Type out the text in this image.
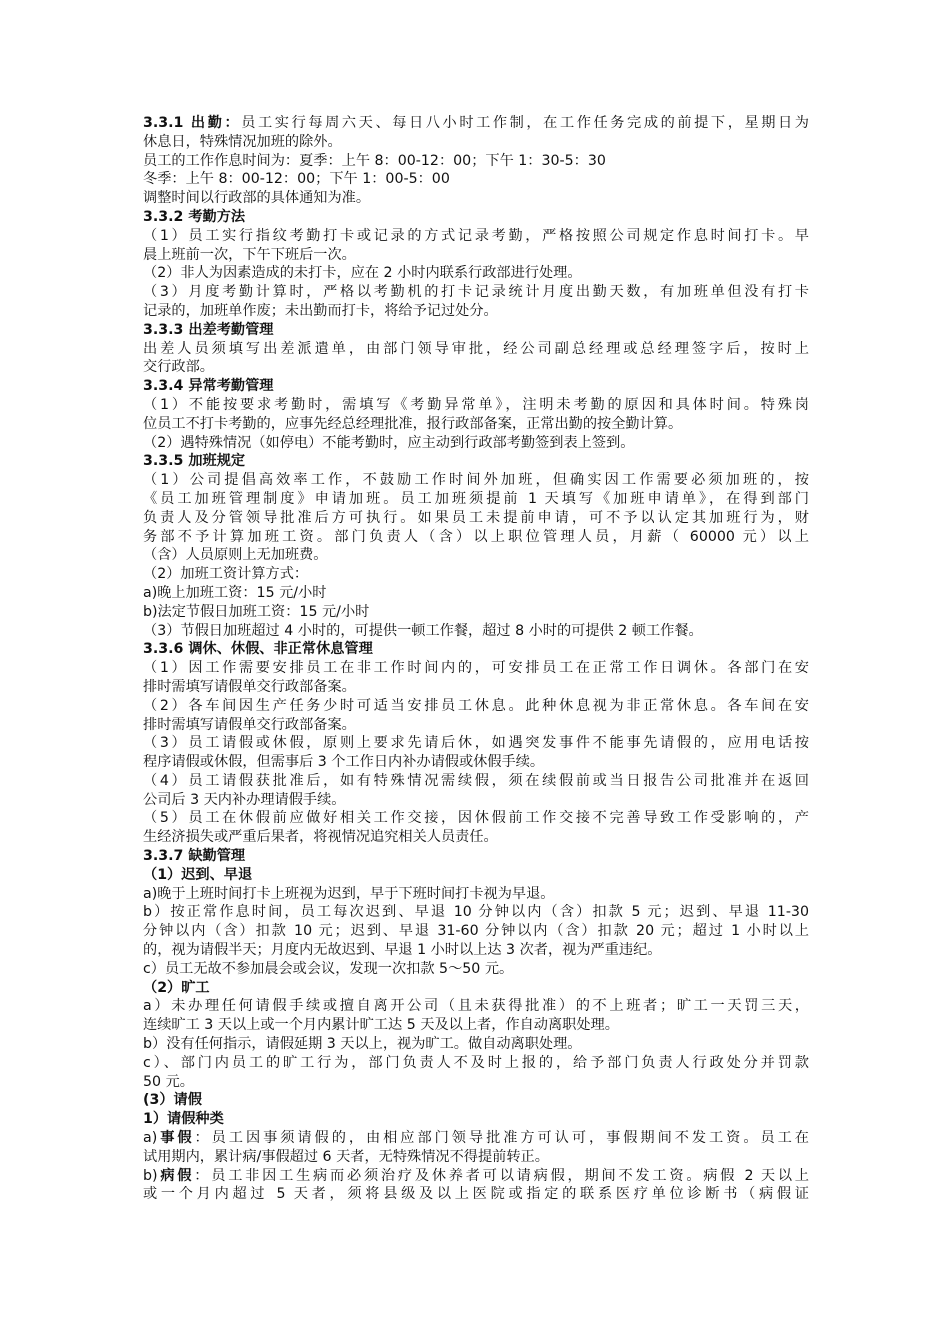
3.3.1 出勤：员工实行每周六天、每日八小时工作制，在工作任务完成的前提下，星期日为
休息日，特殊情况加班的除外。
员工的工作作息时间为：夏季：上午 8：00-12：00；下午 1：30-5：30
冬季：上午 8：00-12：00；下午 1：00-5：00
调整时间以行政部的具体通知为准。
3.3.2 考勤方法
（1）员工实行指纹考勤打卡或记录的方式记录考勤，严格按照公司规定作息时间打卡。早
晨上班前一次，下午下班后一次。
（2）非人为因素造成的未打卡，应在 2 小时内联系行政部进行处理。
（3）月度考勤计算时，严格以考勤机的打卡记录统计月度出勤天数，有加班单但没有打卡
记录的，加班单作废；未出勤而打卡，将给予记过处分。
3.3.3 出差考勤管理
出差人员须填写出差派遣单，由部门领导审批，经公司副总经理或总经理签字后，按时上
交行政部。
3.3.4 异常考勤管理
（1）不能按要求考勤时，需填写《考勤异常单》，注明未考勤的原因和具体时间。特殊岗
位员工不打卡考勤的，应事先经总经理批准，报行政部备案，正常出勤的按全勤计算。
（2）遇特殊情况（如停电）不能考勤时，应主动到行政部考勤签到表上签到。
3.3.5 加班规定
（1）公司提倡高效率工作，不鼓励工作时间外加班，但确实因工作需要必须加班的，按
《员工加班管理制度》申请加班。员工加班须提前 1 天填写《加班申请单》，在得到部门
负责人及分管领导批准后方可执行。如果员工未提前申请，可不予以认定其加班行为，财
务部不予计算加班工资。部门负责人（含）以上职位管理人员，月薪（ 60000 元）以上
（含）人员原则上无加班费。
（2）加班工资计算方式：
a)晚上加班工资：15 元/小时
b)法定节假日加班工资：15 元/小时
（3）节假日加班超过 4 小时的，可提供一顿工作餐，超过 8 小时的可提供 2 顿工作餐。
3.3.6 调休、休假、非正常休息管理
（1）因工作需要安排员工在非工作时间内的，可安排员工在正常工作日调休。各部门在安
排时需填写请假单交行政部备案。
（2）各车间因生产任务少时可适当安排员工休息。此种休息视为非正常休息。各车间在安
排时需填写请假单交行政部备案。
（3）员工请假或休假，原则上要求先请后休，如遇突发事件不能事先请假的，应用电话按
程序请假或休假，但需事后 3 个工作日内补办请假或休假手续。
（4）员工请假获批准后，如有特殊情况需续假，须在续假前或当日报告公司批准并在返回
公司后 3 天内补办理请假手续。
（5）员工在休假前应做好相关工作交接，因休假前工作交接不完善导致工作受影响的，产
生经济损失或严重后果者，将视情况追究相关人员责任。
3.3.7 缺勤管理
（1）迟到、早退
a)晚于上班时间打卡上班视为迟到，早于下班时间打卡视为早退。
b）按正常作息时间，员工每次迟到、早退 10 分钟以内（含）扣款 5 元；迟到、早退 11-30
分钟以内（含）扣款 10 元；迟到、早退 31-60 分钟以内（含）扣款 20 元；超过 1 小时以上
的，视为请假半天；月度内无故迟到、早退 1 小时以上达 3 次者，视为严重违纪。
c）员工无故不参加晨会或会议，发现一次扣款 5～50 元。
（2）旷工
a）未办理任何请假手续或擅自离开公司（且未获得批准）的不上班者；旷工一天罚三天，
连续旷工 3 天以上或一个月内累计旷工达 5 天及以上者，作自动离职处理。
b）没有任何指示，请假延期 3 天以上，视为旷工。做自动离职处理。
c）、部门内员工的旷工行为，部门负责人不及时上报的，给予部门负责人行政处分并罚款
50 元。
(3）请假
1）请假种类
a)事假：员工因事须请假的，由相应部门领导批准方可认可，事假期间不发工资。员工在
试用期内，累计病/事假超过 6 天者，无特殊情况不得提前转正。
b)病假：员工非因工生病而必须治疗及休养者可以请病假，期间不发工资。病假 2 天以上
或一个月内超过 5 天者，须将县级及以上医院或指定的联系医疗单位诊断书（病假证
